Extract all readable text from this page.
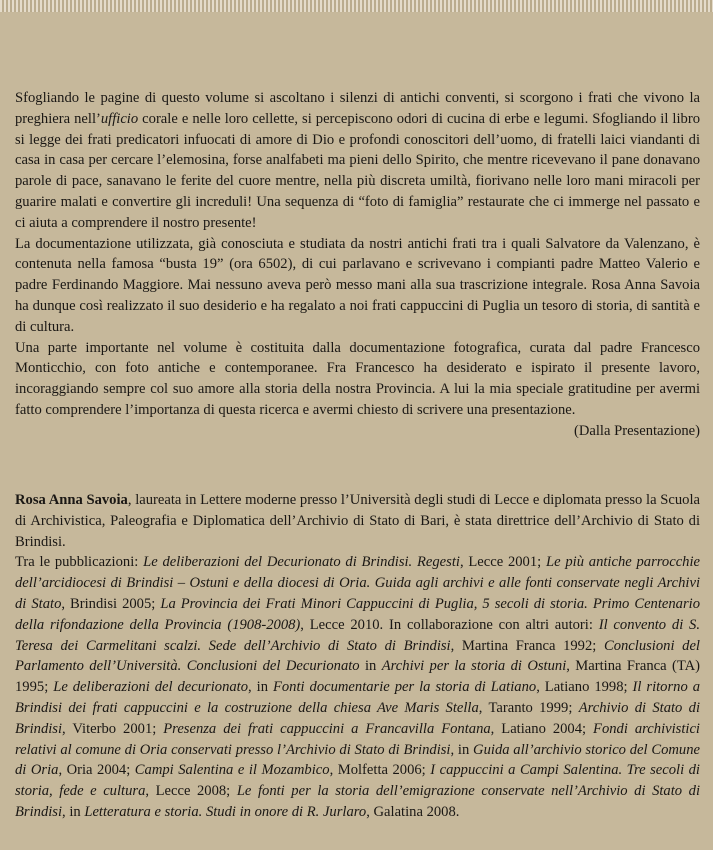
Sfogliando le pagine di questo volume si ascoltano i silenzi di antichi conventi, si scorgono i frati che vivono la preghiera nell’ufficio corale e nelle loro cellette, si percepiscono odori di cucina di erbe e legumi. Sfogliando il libro si legge dei frati predicatori infuocati di amore di Dio e profondi conoscitori dell’uomo, di fratelli laici viandanti di casa in casa per cercare l’elemosina, forse analfabeti ma pieni dello Spirito, che mentre ricevevano il pane donavano parole di pace, sanavano le ferite del cuore mentre, nella più discreta umiltà, fiorivano nelle loro mani miracoli per guarire malati e convertire gli increduli! Una sequenza di “foto di famiglia” restaurate che ci immerge nel passato e ci aiuta a comprendere il nostro presente!

La documentazione utilizzata, già conosciuta e studiata da nostri antichi frati tra i quali Salvatore da Valenzano, è contenuta nella famosa “busta 19” (ora 6502), di cui parlavano e scrivevano i compianti padre Matteo Valerio e padre Ferdinando Maggiore. Mai nessuno aveva però messo mani alla sua trascrizione integrale. Rosa Anna Savoia ha dunque così realizzato il suo desiderio e ha regalato a noi frati cappuccini di Puglia un tesoro di storia, di santità e di cultura.

Una parte importante nel volume è costituita dalla documentazione fotografica, curata dal padre Francesco Monticchio, con foto antiche e contemporanee. Fra Francesco ha desiderato e ispirato il presente lavoro, incoraggiando sempre col suo amore alla storia della nostra Provincia. A lui la mia speciale gratitudine per avermi fatto comprendere l’importanza di questa ricerca e avermi chiesto di scrivere una presentazione.

(Dalla Presentazione)

Rosa Anna Savoia, laureata in Lettere moderne presso l’Università degli studi di Lecce e diplomata presso la Scuola di Archivistica, Paleografia e Diplomatica dell’Archivio di Stato di Bari, è stata direttrice dell’Archivio di Stato di Brindisi.

Tra le pubblicazioni: Le deliberazioni del Decurionato di Brindisi. Regesti, Lecce 2001; Le più antiche parrocchie dell’arcidiocesi di Brindisi – Ostuni e della diocesi di Oria. Guida agli archivi e alle fonti conservate negli Archivi di Stato, Brindisi 2005; La Provincia dei Frati Minori Cappuccini di Puglia, 5 secoli di storia. Primo Centenario della rifondazione della Provincia (1908-2008), Lecce 2010. In collaborazione con altri autori: Il convento di S. Teresa dei Carmelitani scalzi. Sede dell’Archivio di Stato di Brindisi, Martina Franca 1992; Conclusioni del Parlamento dell’Università. Conclusioni del Decurionato in Archivi per la storia di Ostuni, Martina Franca (TA) 1995; Le deliberazioni del decurionato, in Fonti documentarie per la storia di Latiano, Latiano 1998; Il ritorno a Brindisi dei frati cappuccini e la costruzione della chiesa Ave Maris Stella, Taranto 1999; Archivio di Stato di Brindisi, Viterbo 2001; Presenza dei frati cappuccini a Francavilla Fontana, Latiano 2004; Fondi archivistici relativi al comune di Oria conservati presso l’Archivio di Stato di Brindisi, in Guida all’archivio storico del Comune di Oria, Oria 2004; Campi Salentina e il Mozambico, Molfetta 2006; I cappuccini a Campi Salentina. Tre secoli di storia, fede e cultura, Lecce 2008; Le fonti per la storia dell’emigrazione conservate nell’Archivio di Stato di Brindisi, in Letteratura e storia. Studi in onore di R. Jurlaro, Galatina 2008.
